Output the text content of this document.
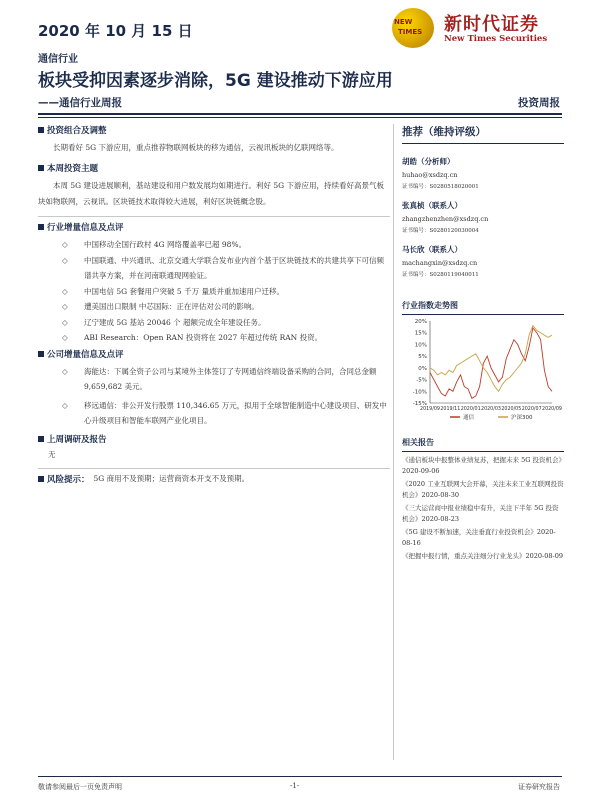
2020 年 10 月 15 日
通信行业
板块受抑因素逐步消除，5G 建设推动下游应用
——通信行业周报	投资周报
NEW
TIMES 新时代证券
New Times Securities
投资组合及调整
长期看好 5G 下游应用，重点推荐物联网板块的移为通信，云视讯板块的亿联网络等。
本周投资主题
本周 5G 建设进展顺利，基站建设和用户数发展均如期进行。利好 5G 下游应用，持续看好高景气板块如物联网，云视讯。区块链技术取得较大进展，利好区块链概念股。
行业增量信息及点评
◇	中国移动全国行政村 4G 网络覆盖率已超 98%。
◇	中国联通、中兴通讯、北京交通大学联合发布业内首个基于区块链技术的共建共享下可信频谱共享方案，并在河南联通现网验证。
◇	中国电信 5G 套餐用户突破 5 千万 量质并重加速用户迁移。
◇	遭美国出口限制 中芯国际：正在评估对公司的影响。
◇	辽宁建成 5G 基站 20046 个 超额完成全年建设任务。
◇	ABI Research：Open RAN 投资将在 2027 年超过传统 RAN 投资。
公司增量信息及点评
◇	海能达：下属全资子公司与某境外主体签订了专网通信终端设备采购的合同，合同总金额 9,659,682 美元。
◇	移远通信：非公开发行股票 110,346.65 万元，拟用于全球智能制造中心建设项目、研发中心升级项目和智能车联网产业化项目。
上周调研及报告
无
风险提示： 5G 商用不及预期；运营商资本开支不及预期。
推荐（维持评级）
胡皓（分析师）
huhao@xsdzq.cn
证书编号：S0280518020001
张真桢（联系人）
zhangzhenzhen@xsdzq.cn
证书编号：S0280120030004
马长欣（联系人）
machangxin@xsdzq.cn
证书编号：S0280119040011
行业指数走势图
20%
15%
10%
5%
0%
-5%
-10%
-15%
2019/09 2019/11 2020/01 2020/03 2020/05 2020/07 2020/09
通信	沪深300
相关报告
《通信板块中报整体业绩复苏，把握未来 5G 投资机会》2020-09-06
《2020 工业互联网大会开幕，关注未来工业互联网投资机会》2020-08-30
《三大运营商中报业绩稳中有升，关注下半年 5G 投资机会》2020-08-23
《5G 建设不断加速，关注垂直行业投资机会》2020-08-16
《把握中报行情，重点关注细分行业龙头》2020-08-09
敬请参阅最后一页免责声明	-1-	证券研究报告
